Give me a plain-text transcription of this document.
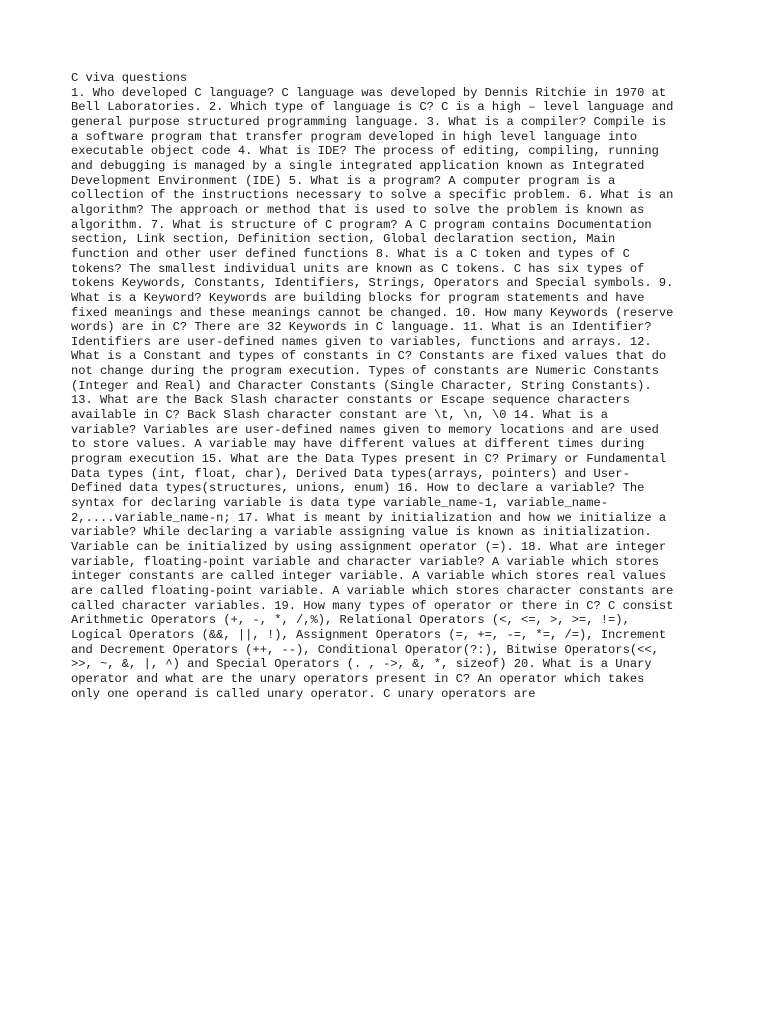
C viva questions
1. Who developed C language? C language was developed by Dennis Ritchie in 1970 at
Bell Laboratories. 2. Which type of language is C? C is a high – level language and
general purpose structured programming language. 3. What is a compiler? Compile is
a software program that transfer program developed in high level language into
executable object code 4. What is IDE? The process of editing, compiling, running
and debugging is managed by a single integrated application known as Integrated
Development Environment (IDE) 5. What is a program? A computer program is a
collection of the instructions necessary to solve a specific problem. 6. What is an
algorithm? The approach or method that is used to solve the problem is known as
algorithm. 7. What is structure of C program? A C program contains Documentation
section, Link section, Definition section, Global declaration section, Main
function and other user defined functions 8. What is a C token and types of C
tokens? The smallest individual units are known as C tokens. C has six types of
tokens Keywords, Constants, Identifiers, Strings, Operators and Special symbols. 9.
What is a Keyword? Keywords are building blocks for program statements and have
fixed meanings and these meanings cannot be changed. 10. How many Keywords (reserve
words) are in C? There are 32 Keywords in C language. 11. What is an Identifier?
Identifiers are user-defined names given to variables, functions and arrays. 12.
What is a Constant and types of constants in C? Constants are fixed values that do
not change during the program execution. Types of constants are Numeric Constants
(Integer and Real) and Character Constants (Single Character, String Constants).
13. What are the Back Slash character constants or Escape sequence characters
available in C? Back Slash character constant are \t, \n, \0 14. What is a
variable? Variables are user-defined names given to memory locations and are used
to store values. A variable may have different values at different times during
program execution 15. What are the Data Types present in C? Primary or Fundamental
Data types (int, float, char), Derived Data types(arrays, pointers) and User-
Defined data types(structures, unions, enum) 16. How to declare a variable? The
syntax for declaring variable is data type variable_name-1, variable_name-
2,....variable_name-n; 17. What is meant by initialization and how we initialize a
variable? While declaring a variable assigning value is known as initialization.
Variable can be initialized by using assignment operator (=). 18. What are integer
variable, floating-point variable and character variable? A variable which stores
integer constants are called integer variable. A variable which stores real values
are called floating-point variable. A variable which stores character constants are
called character variables. 19. How many types of operator or there in C? C consist
Arithmetic Operators (+, -, *, /,%), Relational Operators (<, <=, >, >=, !=),
Logical Operators (&&, ||, !), Assignment Operators (=, +=, -=, *=, /=), Increment
and Decrement Operators (++, --), Conditional Operator(?:), Bitwise Operators(<<,
>>, ~, &, |, ^) and Special Operators (. , ->, &, *, sizeof) 20. What is a Unary
operator and what are the unary operators present in C? An operator which takes
only one operand is called unary operator. C unary operators are
